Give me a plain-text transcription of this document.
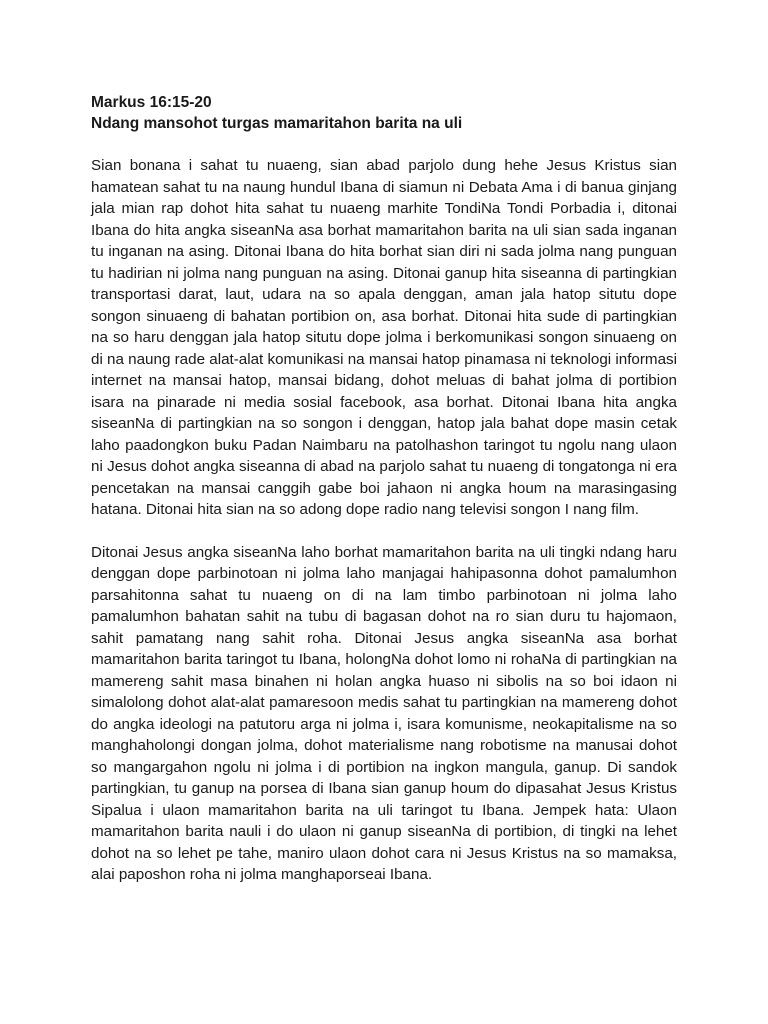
Markus 16:15-20
Ndang mansohot turgas mamaritahon barita na uli

Sian bonana i sahat tu nuaeng, sian abad parjolo dung hehe Jesus Kristus sian hamatean sahat tu na naung hundul Ibana di siamun ni Debata Ama i di banua ginjang jala mian rap dohot hita sahat tu nuaeng marhite TondiNa Tondi Porbadia i, ditonai Ibana do hita angka siseanNa asa borhat mamaritahon barita na uli sian sada inganan tu inganan na asing. Ditonai Ibana do hita borhat sian diri ni sada jolma nang punguan tu hadirian ni jolma nang punguan na asing. Ditonai ganup hita siseanna di partingkian transportasi darat, laut, udara na so apala denggan, aman jala hatop situtu dope songon sinuaeng di bahatan portibion on, asa borhat. Ditonai hita sude di partingkian na so haru denggan jala hatop situtu dope jolma i berkomunikasi songon sinuaeng on di na naung rade alat-alat komunikasi na mansai hatop pinamasa ni teknologi informasi internet na mansai hatop, mansai bidang, dohot meluas di bahat jolma di portibion isara na pinarade ni media sosial facebook, asa borhat. Ditonai Ibana hita angka siseanNa di partingkian na so songon i denggan, hatop jala bahat dope masin cetak laho paadongkon buku Padan Naimbaru na patolhashon taringot tu ngolu nang ulaon ni Jesus dohot angka siseanna di abad na parjolo sahat tu nuaeng di tongatonga ni era pencetakan na mansai canggih gabe boi jahaon ni angka houm na marasingasing hatana. Ditonai hita sian na so adong dope radio nang televisi songon I nang film.

Ditonai Jesus angka siseanNa laho borhat mamaritahon barita na uli tingki ndang haru denggan dope parbinotoan ni jolma laho manjagai hahipasonna dohot pamalumhon parsahitonna sahat tu nuaeng on di na lam timbo parbinotoan ni jolma laho pamalumhon bahatan sahit na tubu di bagasan dohot na ro sian duru tu hajomaon, sahit pamatang nang sahit roha. Ditonai Jesus angka siseanNa asa borhat mamaritahon barita taringot tu Ibana, holongNa dohot lomo ni rohaNa di partingkian na mamereng sahit masa binahen ni holan angka huaso ni sibolis na so boi idaon ni simalolong dohot alat-alat pamaresoon medis sahat tu partingkian na mamereng dohot do angka ideologi na patutoru arga ni jolma i, isara komunisme, neokapitalisme na so manghaholongi dongan jolma, dohot materialisme nang robotisme na manusai dohot so mangargahon ngolu ni jolma i di portibion na ingkon mangula, ganup. Di sandok partingkian, tu ganup na porsea di Ibana sian ganup houm do dipasahat Jesus Kristus Sipalua i ulaon mamaritahon barita na uli taringot tu Ibana. Jempek hata: Ulaon mamaritahon barita nauli i do ulaon ni ganup siseanNa di portibion, di tingki na lehet dohot na so lehet pe tahe, maniro ulaon dohot cara ni Jesus Kristus na so mamaksa, alai paposhon roha ni jolma manghaporseai Ibana.
